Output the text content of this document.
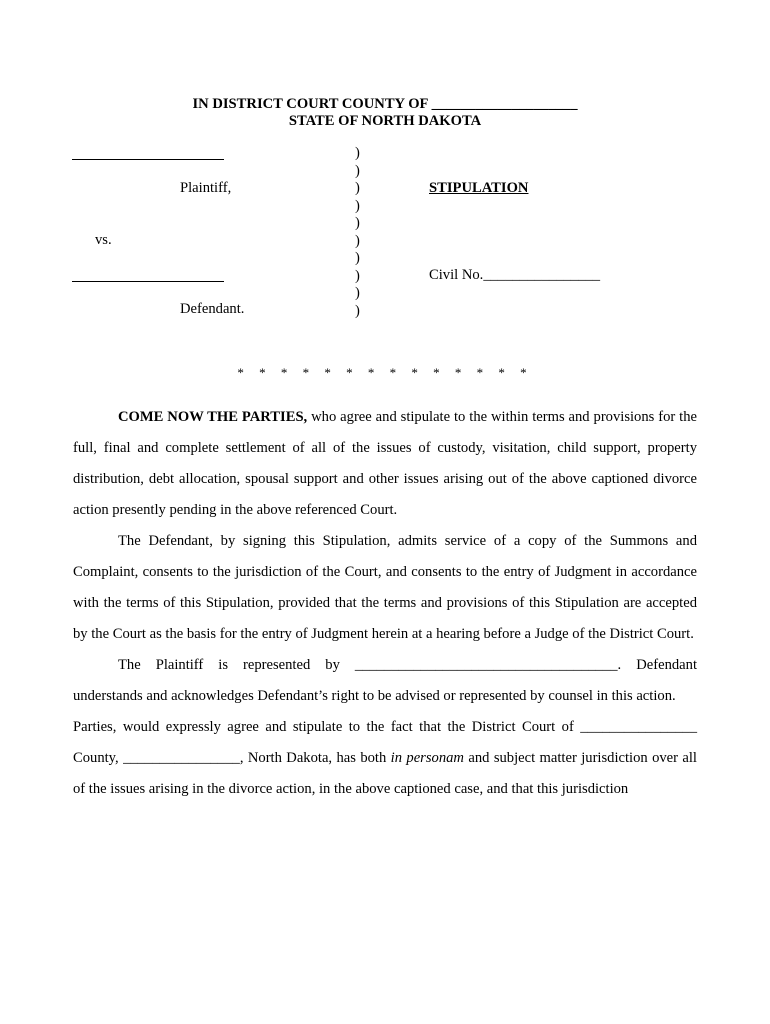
IN DISTRICT COURT COUNTY OF ____________________
STATE OF NORTH DAKOTA
Plaintiff,
vs.
Defendant.
)
)
)
)
)
)
)
)
)
)
STIPULATION
Civil No.________________
* * * * * * * * * * * * * *

COME NOW THE PARTIES, who agree and stipulate to the within terms and provisions for the full, final and complete settlement of all of the issues of custody, visitation, child support, property distribution, debt allocation, spousal support and other issues arising out of the above captioned divorce action presently pending in the above referenced Court.

The Defendant, by signing this Stipulation, admits service of a copy of the Summons and Complaint, consents to the jurisdiction of the Court, and consents to the entry of Judgment in accordance with the terms of this Stipulation, provided that the terms and provisions of this Stipulation are accepted by the Court as the basis for the entry of Judgment herein at a hearing before a Judge of the District Court.

The Plaintiff is represented by ____________________________________. Defendant understands and acknowledges Defendant’s right to be advised or represented by counsel in this action.

Parties, would expressly agree and stipulate to the fact that the District Court of ________________ County, ________________, North Dakota, has both in personam and subject matter jurisdiction over all of the issues arising in the divorce action, in the above captioned case, and that this jurisdiction
